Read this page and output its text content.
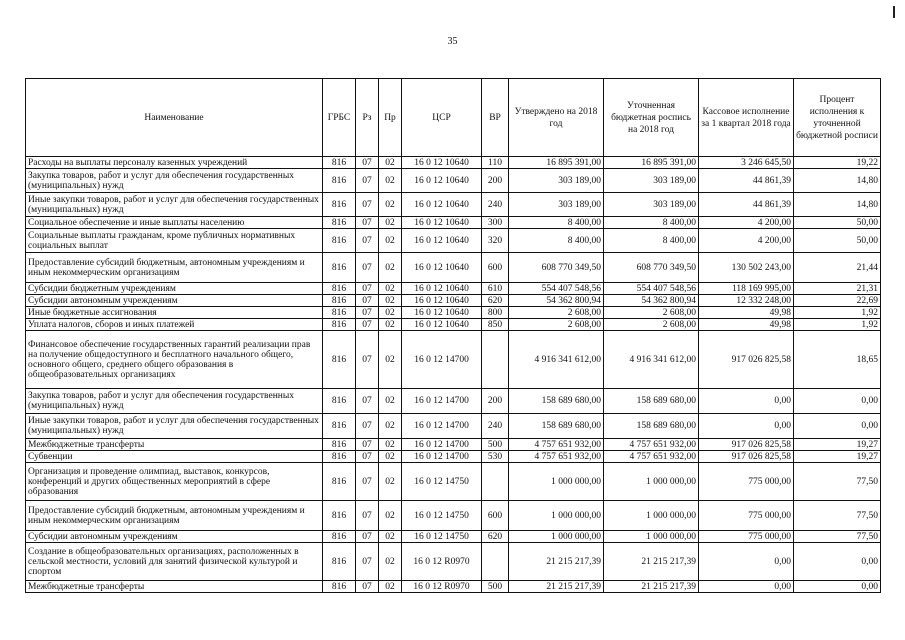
35
Наименование	ГРБС	Рз	Пр	ЦСР	ВР	Утверждено на 2018 год	Уточненная бюджетная роспись на 2018 год	Кассовое исполнение за 1 квартал 2018 года	Процент исполнения к уточненной бюджетной росписи
Расходы на выплаты персоналу казенных учреждений	816	07	02	16 0 12 10640	110	16 895 391,00	16 895 391,00	3 246 645,50	19,22
Закупка товаров, работ и услуг для обеспечения государственных (муниципальных) нужд	816	07	02	16 0 12 10640	200	303 189,00	303 189,00	44 861,39	14,80
Иные закупки товаров, работ и услуг для обеспечения государственных (муниципальных) нужд	816	07	02	16 0 12 10640	240	303 189,00	303 189,00	44 861,39	14,80
Социальное обеспечение и иные выплаты населению	816	07	02	16 0 12 10640	300	8 400,00	8 400,00	4 200,00	50,00
Социальные выплаты гражданам, кроме публичных нормативных социальных выплат	816	07	02	16 0 12 10640	320	8 400,00	8 400,00	4 200,00	50,00
Предоставление субсидий бюджетным, автономным учреждениям и иным некоммерческим организациям	816	07	02	16 0 12 10640	600	608 770 349,50	608 770 349,50	130 502 243,00	21,44
Субсидии бюджетным учреждениям	816	07	02	16 0 12 10640	610	554 407 548,56	554 407 548,56	118 169 995,00	21,31
Субсидии автономным учреждениям	816	07	02	16 0 12 10640	620	54 362 800,94	54 362 800,94	12 332 248,00	22,69
Иные бюджетные ассигнования	816	07	02	16 0 12 10640	800	2 608,00	2 608,00	49,98	1,92
Уплата налогов, сборов и иных платежей	816	07	02	16 0 12 10640	850	2 608,00	2 608,00	49,98	1,92
Финансовое обеспечение государственных гарантий реализации прав на получение общедоступного и бесплатного начального общего, основного общего, среднего общего образования в общеобразовательных организациях	816	07	02	16 0 12 14700		4 916 341 612,00	4 916 341 612,00	917 026 825,58	18,65
Закупка товаров, работ и услуг для обеспечения государственных (муниципальных) нужд	816	07	02	16 0 12 14700	200	158 689 680,00	158 689 680,00	0,00	0,00
Иные закупки товаров, работ и услуг для обеспечения государственных (муниципальных) нужд	816	07	02	16 0 12 14700	240	158 689 680,00	158 689 680,00	0,00	0,00
Межбюджетные трансферты	816	07	02	16 0 12 14700	500	4 757 651 932,00	4 757 651 932,00	917 026 825,58	19,27
Субвенции	816	07	02	16 0 12 14700	530	4 757 651 932,00	4 757 651 932,00	917 026 825,58	19,27
Организация и проведение олимпиад, выставок, конкурсов, конференций и других общественных мероприятий в сфере образования	816	07	02	16 0 12 14750		1 000 000,00	1 000 000,00	775 000,00	77,50
Предоставление субсидий бюджетным, автономным учреждениям и иным некоммерческим организациям	816	07	02	16 0 12 14750	600	1 000 000,00	1 000 000,00	775 000,00	77,50
Субсидии автономным учреждениям	816	07	02	16 0 12 14750	620	1 000 000,00	1 000 000,00	775 000,00	77,50
Создание в общеобразовательных организациях, расположенных в сельской местности, условий для занятий физической культурой и спортом	816	07	02	16 0 12 R0970		21 215 217,39	21 215 217,39	0,00	0,00
Межбюджетные трансферты	816	07	02	16 0 12 R0970	500	21 215 217,39	21 215 217,39	0,00	0,00
